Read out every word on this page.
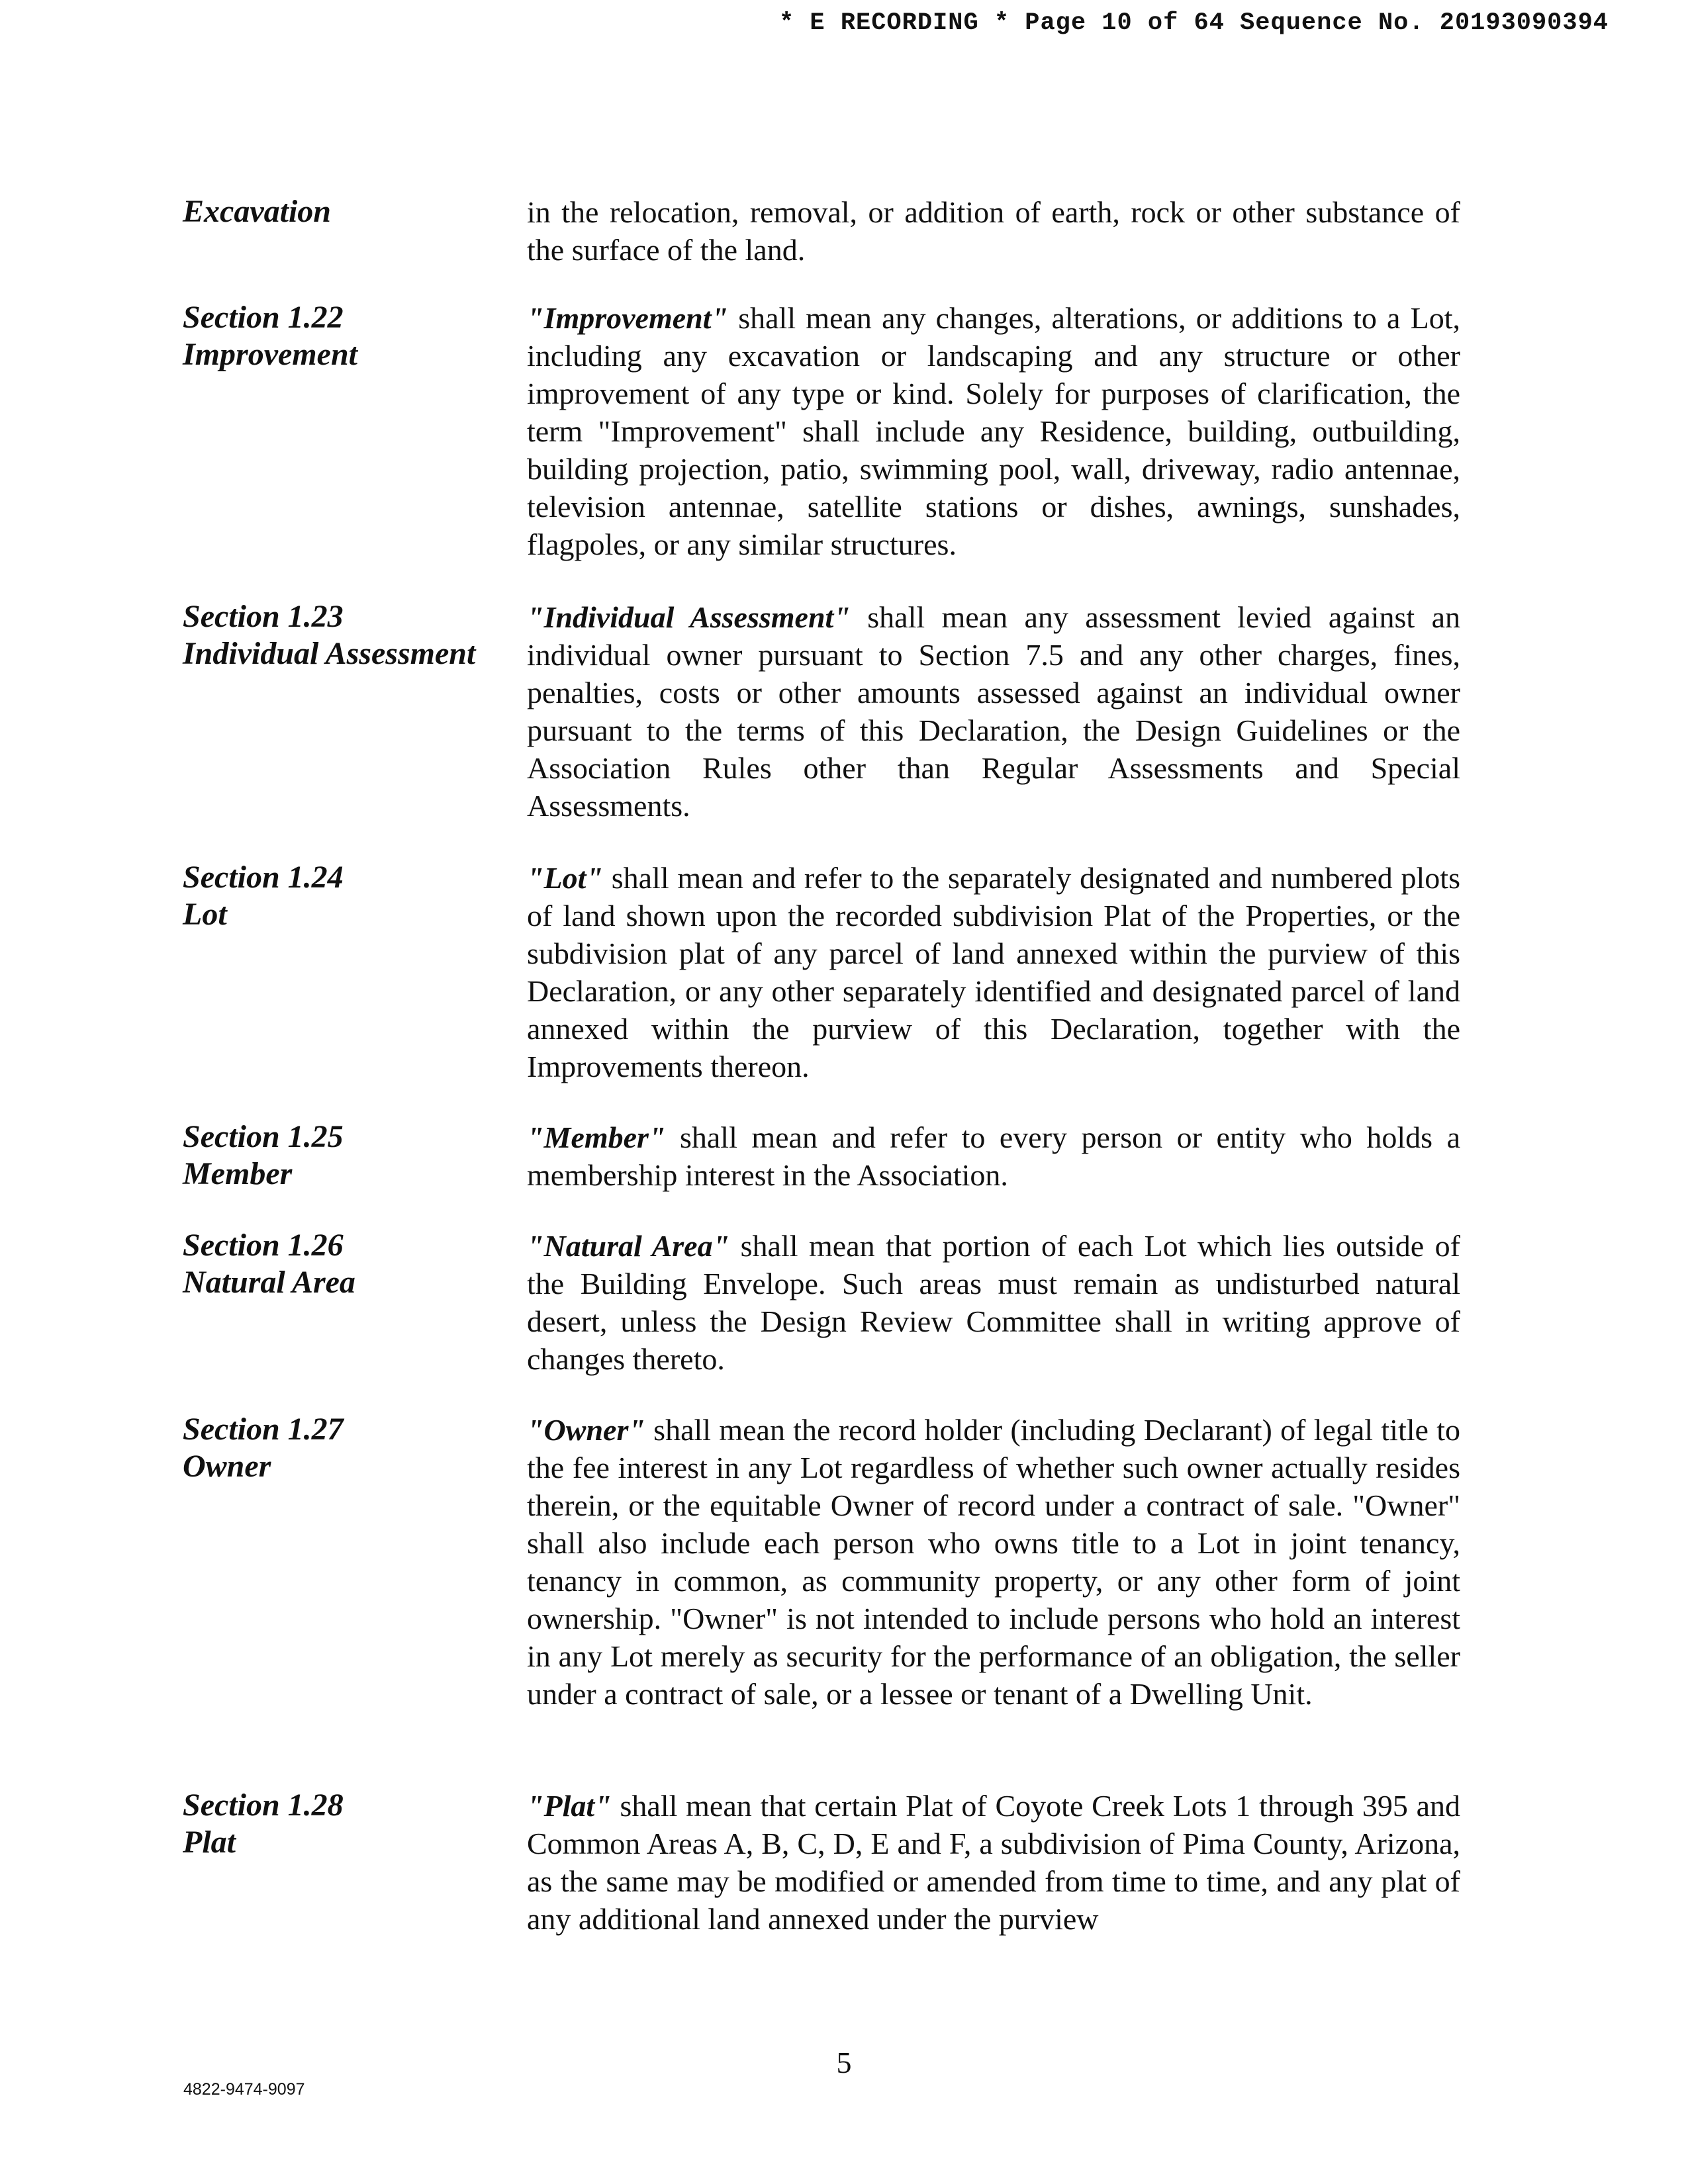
* E RECORDING * Page 10 of 64 Sequence No. 20193090394
Excavation	in the relocation, removal, or addition of earth, rock or other substance of the surface of the land.
Section 1.22
Improvement
"Improvement" shall mean any changes, alterations, or additions to a Lot, including any excavation or landscaping and any structure or other improvement of any type or kind. Solely for purposes of clarification, the term "Improvement" shall include any Residence, building, outbuilding, building projection, patio, swimming pool, wall, driveway, radio antennae, television antennae, satellite stations or dishes, awnings, sunshades, flagpoles, or any similar structures.
Section 1.23
Individual Assessment
"Individual Assessment" shall mean any assessment levied against an individual owner pursuant to Section 7.5 and any other charges, fines, penalties, costs or other amounts assessed against an individual owner pursuant to the terms of this Declaration, the Design Guidelines or the Association Rules other than Regular Assessments and Special Assessments.
Section 1.24
Lot
"Lot" shall mean and refer to the separately designated and numbered plots of land shown upon the recorded subdivision Plat of the Properties, or the subdivision plat of any parcel of land annexed within the purview of this Declaration, or any other separately identified and designated parcel of land annexed within the purview of this Declaration, together with the Improvements thereon.
Section 1.25
Member
"Member" shall mean and refer to every person or entity who holds a membership interest in the Association.
Section 1.26
Natural Area
"Natural Area" shall mean that portion of each Lot which lies outside of the Building Envelope. Such areas must remain as undisturbed natural desert, unless the Design Review Committee shall in writing approve of changes thereto.
Section 1.27
Owner
"Owner" shall mean the record holder (including Declarant) of legal title to the fee interest in any Lot regardless of whether such owner actually resides therein, or the equitable Owner of record under a contract of sale. "Owner" shall also include each person who owns title to a Lot in joint tenancy, tenancy in common, as community property, or any other form of joint ownership. "Owner" is not intended to include persons who hold an interest in any Lot merely as security for the performance of an obligation, the seller under a contract of sale, or a lessee or tenant of a Dwelling Unit.
Section 1.28
Plat
"Plat" shall mean that certain Plat of Coyote Creek Lots 1 through 395 and Common Areas A, B, C, D, E and F, a subdivision of Pima County, Arizona, as the same may be modified or amended from time to time, and any plat of any additional land annexed under the purview
5
4822-9474-9097
